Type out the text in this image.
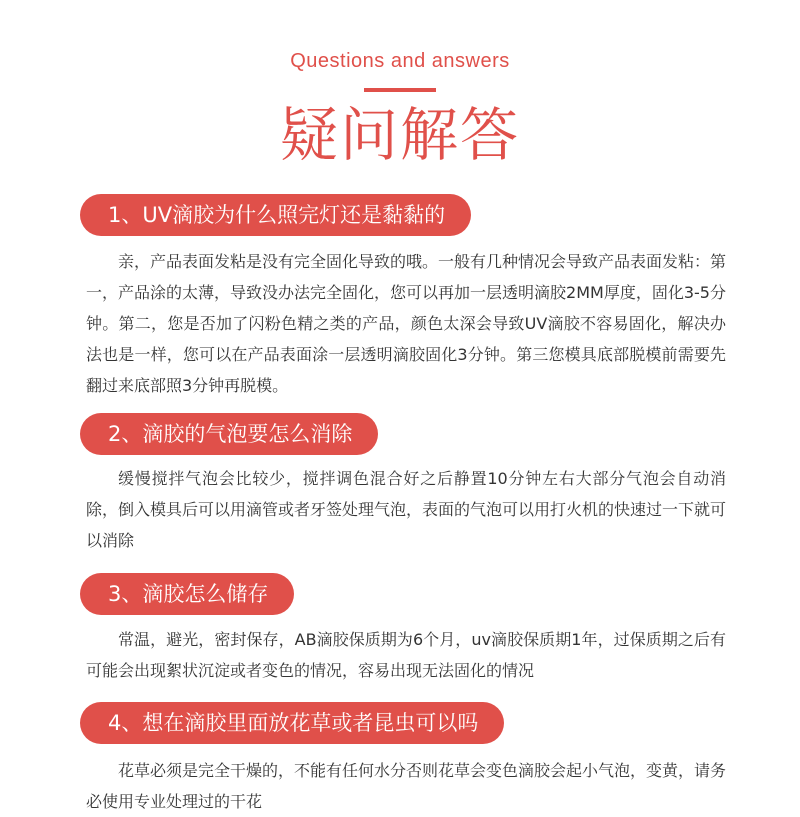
Questions and answers
疑问解答
1、UV滴胶为什么照完灯还是黏黏的
亲，产品表面发粘是没有完全固化导致的哦。一般有几种情况会导致产品表面发粘：第一，产品涂的太薄，导致没办法完全固化，您可以再加一层透明滴胶2MM厚度，固化3-5分钟。第二，您是否加了闪粉色精之类的产品，颜色太深会导致UV滴胶不容易固化，解决办法也是一样，您可以在产品表面涂一层透明滴胶固化3分钟。第三您模具底部脱模前需要先翻过来底部照3分钟再脱模。
2、滴胶的气泡要怎么消除
缓慢搅拌气泡会比较少，搅拌调色混合好之后静置10分钟左右大部分气泡会自动消除，倒入模具后可以用滴管或者牙签处理气泡，表面的气泡可以用打火机的快速过一下就可以消除
3、滴胶怎么储存
常温，避光，密封保存，AB滴胶保质期为6个月，uv滴胶保质期1年，过保质期之后有可能会出现絮状沉淀或者变色的情况，容易出现无法固化的情况
4、想在滴胶里面放花草或者昆虫可以吗
花草必须是完全干燥的，不能有任何水分否则花草会变色滴胶会起小气泡，变黄，请务必使用专业处理过的干花
